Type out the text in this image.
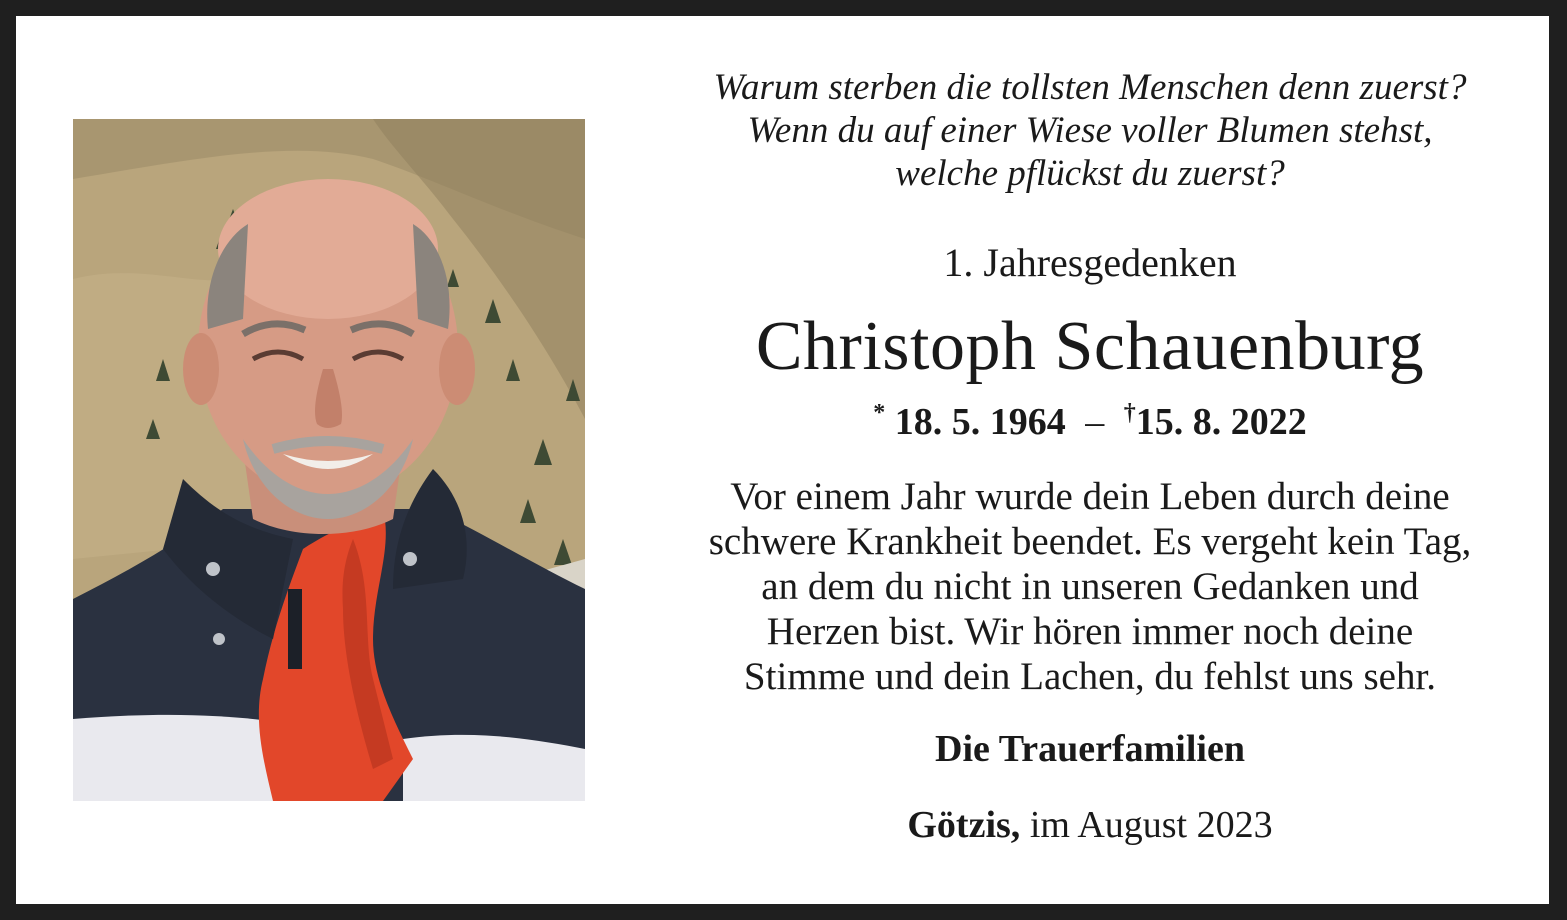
Warum sterben die tollsten Menschen denn zuerst?
Wenn du auf einer Wiese voller Blumen stehst,
welche pflückst du zuerst?

1. Jahresgedenken
Christoph Schauenburg
* 18. 5. 1964 – †15. 8. 2022
Vor einem Jahr wurde dein Leben durch deine
schwere Krankheit beendet. Es vergeht kein Tag,
an dem du nicht in unseren Gedanken und
Herzen bist. Wir hören immer noch deine
Stimme und dein Lachen, du fehlst uns sehr.
Die Trauerfamilien
Götzis, im August 2023
